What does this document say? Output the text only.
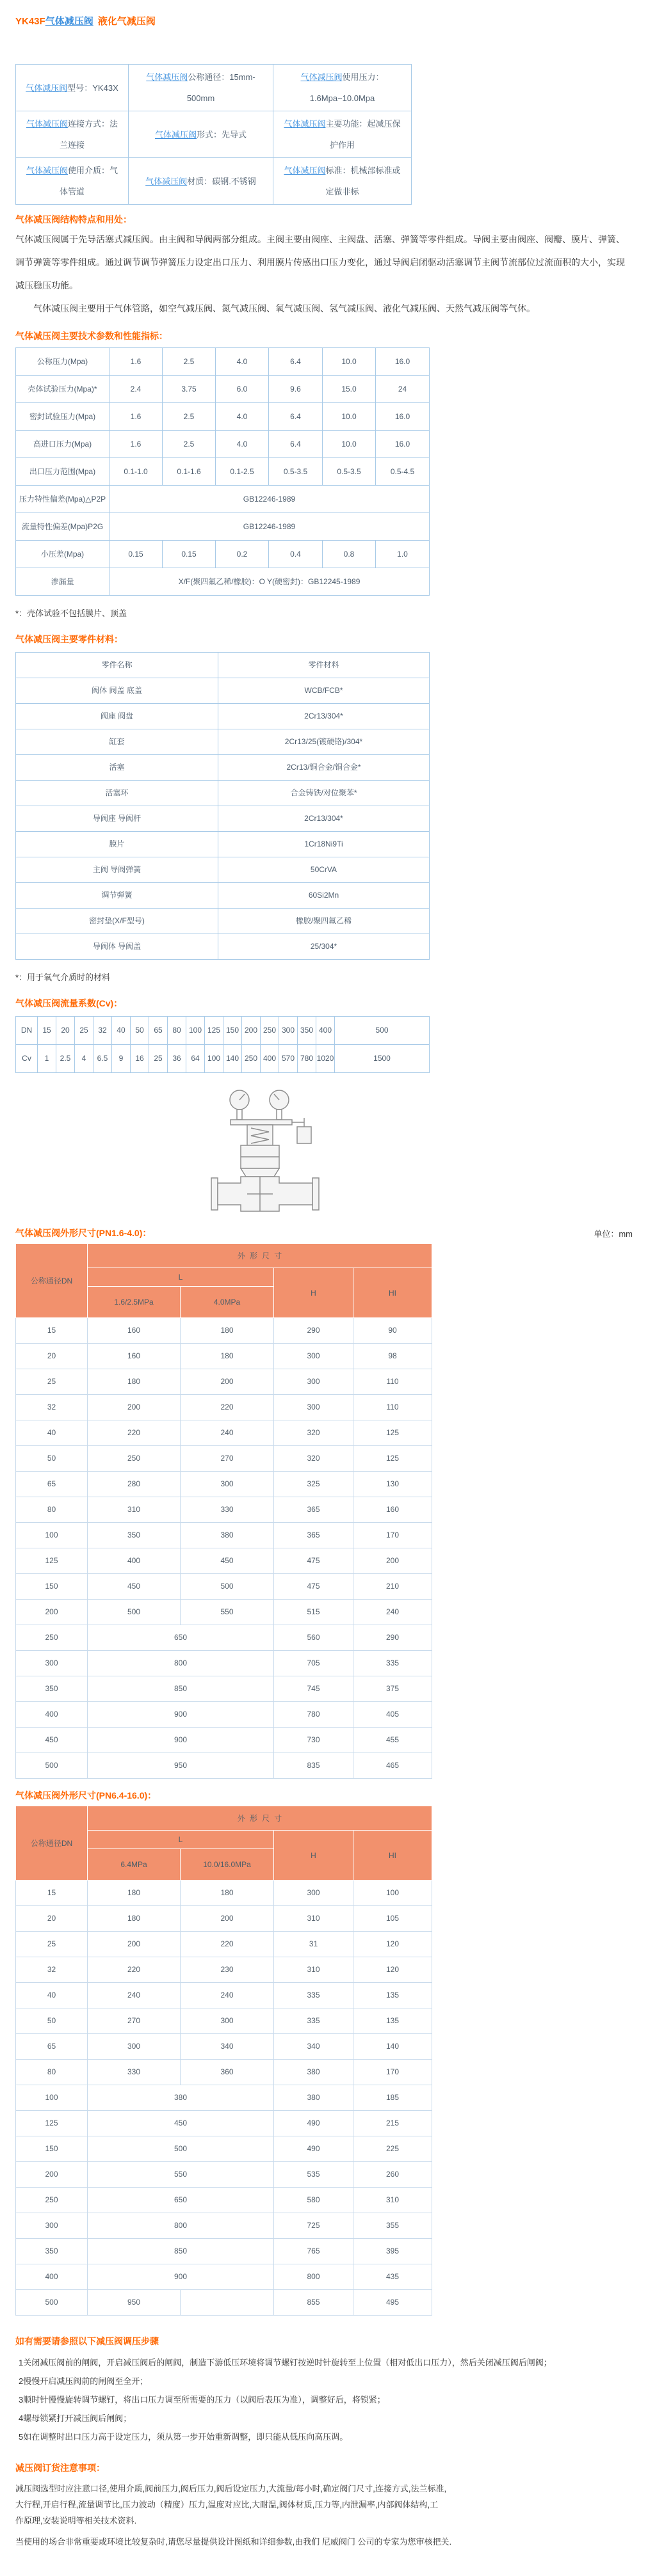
YK43F气体减压阀 液化气减压阀
气体减压阀型号：YK43X	气体减压阀公称通径：15mm-500mm	气体减压阀使用压力：1.6Mpa~10.0Mpa
气体减压阀连接方式：法兰连接	气体减压阀形式：先导式	气体减压阀主要功能：起减压保护作用
气体减压阀使用介质：气体管道	气体减压阀材质：碳钢.不锈钢	气体减压阀标准：机械部标准或定做非标
气体减压阀结构特点和用处：

气体减压阀属于先导活塞式减压阀。由主阀和导阀两部分组成。主阀主要由阀座、主阀盘、活塞、弹簧等零件组成。导阀主要由阀座、阀瓣、膜片、弹簧、调节弹簧等零件组成。通过调节调节弹簧压力设定出口压力、利用膜片传感出口压力变化，通过导阀启闭驱动活塞调节主阀节流部位过流面积的大小，实现减压稳压功能。

气体减压阀主要用于气体管路，如空气减压阀、氮气减压阀、氧气减压阀、氢气减压阀、液化气减压阀、天然气减压阀等气体。

气体减压阀主要技术参数和性能指标：
公称压力(Mpa)	1.6	2.5	4.0	6.4	10.0	16.0
壳体试验压力(Mpa)*	2.4	3.75	6.0	9.6	15.0	24
密封试验压力(Mpa)	1.6	2.5	4.0	6.4	10.0	16.0
高进口压力(Mpa)	1.6	2.5	4.0	6.4	10.0	16.0
出口压力范围(Mpa)	0.1-1.0	0.1-1.6	0.1-2.5	0.5-3.5	0.5-3.5	0.5-4.5
压力特性偏差(Mpa)△P2P	GB12246-1989					
流量特性偏差(Mpa)P2G	GB12246-1989					
小压差(Mpa)	0.15	0.15	0.2	0.4	0.8	1.0
渗漏量	X/F(聚四氟乙稀/橡胶)：O Y(硬密封)：GB12245-1989					

*：壳体试验不包括膜片、顶盖

气体减压阀主要零件材料：
零件名称	零件材料
阀体 阀盖 底盖	WCB/FCB*
阀座 阀盘	2Cr13/304*
缸套	2Cr13/25(镀硬铬)/304*
活塞	2Cr13/铜合金/铜合金*
活塞环	合金铸铁/对位聚苯*
导阀座 导阀杆	2Cr13/304*
膜片	1Cr18Ni9Ti
主阀 导阀弹簧	50CrVA
调节弹簧	60Si2Mn
密封垫(X/F型号)	橡胶/聚四氟乙稀
导阀体 导阀盖	25/304*

*：用于氧气介质时的材料

气体减压阀流量系数(Cv)：
DN	15	20	25	32	40	50	65	80	100	125	150	200	250	300	350	400	500
Cv	1	2.5	4	6.5	9	16	25	36	64	100	140	250	400	570	780	1020	1500
气体减压阀外形尺寸(PN1.6-4.0)：	单位：mm
公称通径DN	外形尺寸			
	L		H	HI
	1.6/2.5MPa	4.0MPa		
15	160	180	290	90
20	160	180	300	98
25	180	200	300	110
32	200	220	300	110
40	220	240	320	125
50	250	270	320	125
65	280	300	325	130
80	310	330	365	160
100	350	380	365	170
125	400	450	475	200
150	450	500	475	210
200	500	550	515	240
250	650		560	290
300	800		705	335
350	850		745	375
400	900		780	405
450	900		730	455
500	950		835	465
气体减压阀外形尺寸(PN6.4-16.0)：
公称通径DN	外形尺寸			
	L		H	HI
	6.4MPa	10.0/16.0MPa		
15	180	180	300	100
20	180	200	310	105
25	200	220	31	120
32	220	230	310	120
40	240	240	335	135
50	270	300	335	135
65	300	340	340	140
80	330	360	380	170
100	380		380	185
125	450		490	215
150	500		490	225
200	550		535	260
250	650		580	310
300	800		725	355
350	850		765	395
400	900		800	435
500	950		855	495
如有需要请参照以下减压阀调压步骤
1关闭减压阀前的闸阀，开启减压阀后的闸阀，制造下游低压环境将调节螺钉按逆时针旋转至上位置（相对低出口压力），然后关闭减压阀后闸阀；
2慢慢开启减压阀前的闸阀至全开；
3顺时针慢慢旋转调节螺钉，将出口压力调至所需要的压力（以阀后表压为准），调整好后，将锁紧；
4螺母锁紧打开减压阀后闸阀；
5如在调整时出口压力高于设定压力，须从第一步开始重新调整，即只能从低压向高压调。
减压阀订货注意事项：
减压阀选型时应注意口径,使用介质,阀前压力,阀后压力,阀后设定压力,大流量/每小时,确定阀门尺寸,连接方式,法兰标准,
大行程,开启行程,流量调节比,压力波动（精度）压力,温度对应比,大耐温,阀体材质,压力等,内泄漏率,内部阀体结构,工
作原理,安装说明等相关技术资料.

当使用的场合非常重要或环境比较复杂时,请您尽量提供设计图纸和详细参数,由我们 尼威阀门 公司的专家为您审核把关.
